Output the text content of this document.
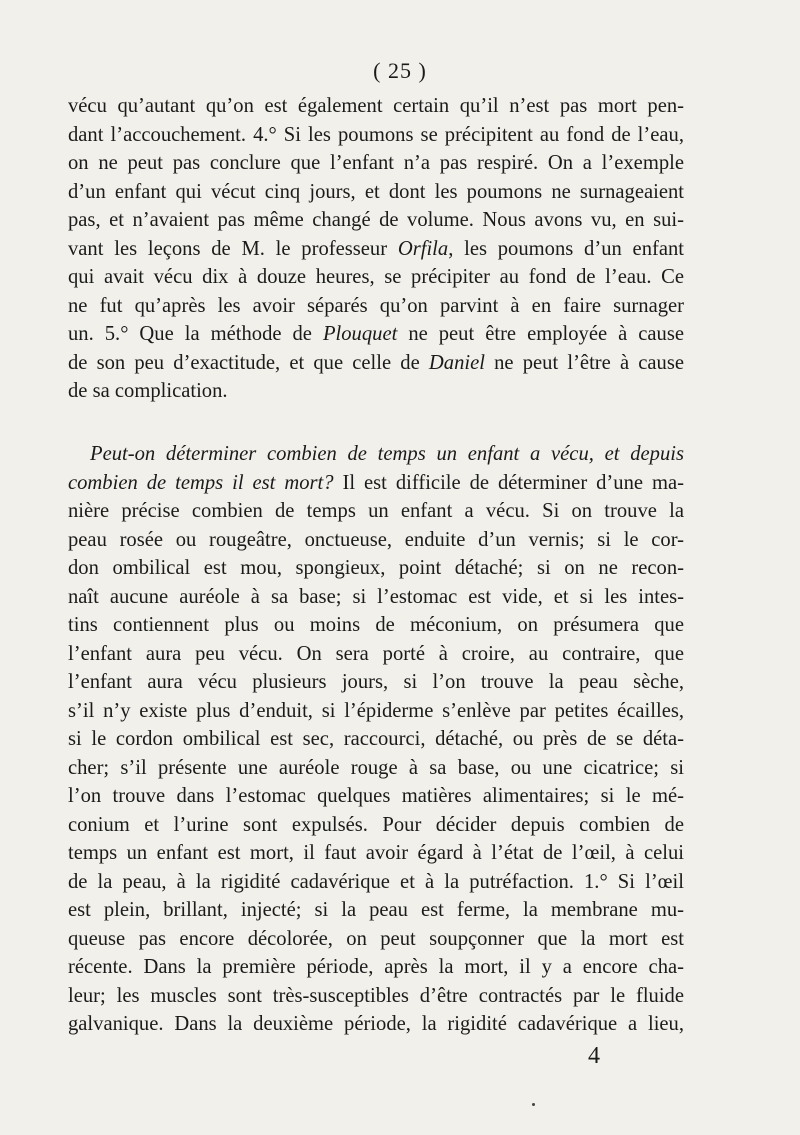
( 25 )
vécu qu’autant qu’on est également certain qu’il n’est pas mort pen-
dant l’accouchement. 4.° Si les poumons se précipitent au fond de l’eau,
on ne peut pas conclure que l’enfant n’a pas respiré. On a l’exemple
d’un enfant qui vécut cinq jours, et dont les poumons ne surnageaient
pas, et n’avaient pas même changé de volume. Nous avons vu, en sui-
vant les leçons de M. le professeur Orfila, les poumons d’un enfant
qui avait vécu dix à douze heures, se précipiter au fond de l’eau. Ce
ne fut qu’après les avoir séparés qu’on parvint à en faire surnager
un. 5.° Que la méthode de Plouquet ne peut être employée à cause
de son peu d’exactitude, et que celle de Daniel ne peut l’être à cause
de sa complication.
Peut-on déterminer combien de temps un enfant a vécu, et depuis
combien de temps il est mort? Il est difficile de déterminer d’une ma-
nière précise combien de temps un enfant a vécu. Si on trouve la
peau rosée ou rougeâtre, onctueuse, enduite d’un vernis; si le cor-
don ombilical est mou, spongieux, point détaché; si on ne recon-
naît aucune auréole à sa base; si l’estomac est vide, et si les intes-
tins contiennent plus ou moins de méconium, on présumera que
l’enfant aura peu vécu. On sera porté à croire, au contraire, que
l’enfant aura vécu plusieurs jours, si l’on trouve la peau sèche,
s’il n’y existe plus d’enduit, si l’épiderme s’enlève par petites écailles,
si le cordon ombilical est sec, raccourci, détaché, ou près de se déta-
cher; s’il présente une auréole rouge à sa base, ou une cicatrice; si
l’on trouve dans l’estomac quelques matières alimentaires; si le mé-
conium et l’urine sont expulsés. Pour décider depuis combien de
temps un enfant est mort, il faut avoir égard à l’état de l’œil, à celui
de la peau, à la rigidité cadavérique et à la putréfaction. 1.° Si l’œil
est plein, brillant, injecté; si la peau est ferme, la membrane mu-
queuse pas encore décolorée, on peut soupçonner que la mort est
récente. Dans la première période, après la mort, il y a encore cha-
leur; les muscles sont très-susceptibles d’être contractés par le fluide
galvanique. Dans la deuxième période, la rigidité cadavérique a lieu,
4
